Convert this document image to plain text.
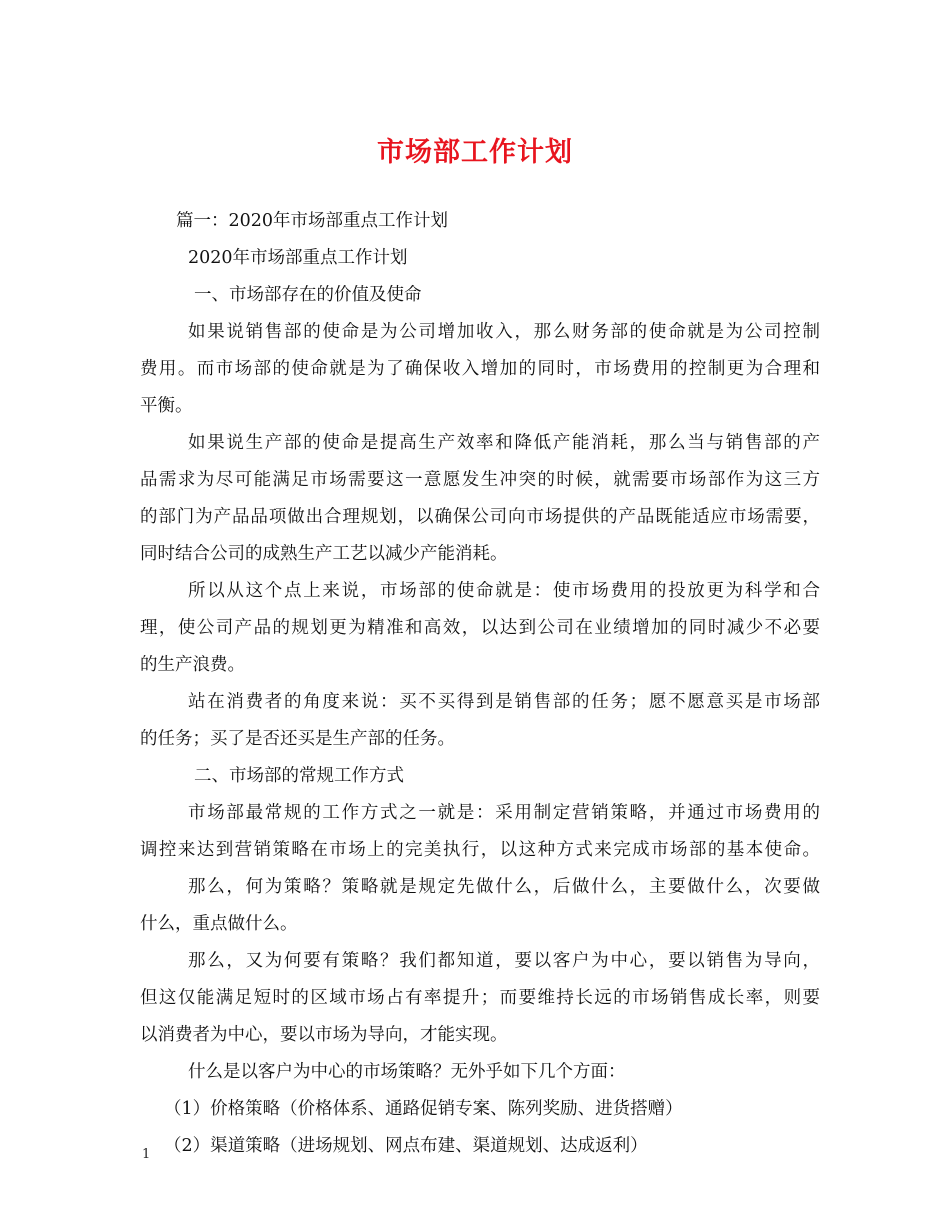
市场部工作计划
篇一：2020年市场部重点工作计划
2020年市场部重点工作计划
一、市场部存在的价值及使命
如果说销售部的使命是为公司增加收入，那么财务部的使命就是为公司控制
费用。而市场部的使命就是为了确保收入增加的同时，市场费用的控制更为合理和
平衡。
如果说生产部的使命是提高生产效率和降低产能消耗，那么当与销售部的产
品需求为尽可能满足市场需要这一意愿发生冲突的时候，就需要市场部作为这三方
的部门为产品品项做出合理规划，以确保公司向市场提供的产品既能适应市场需要，
同时结合公司的成熟生产工艺以减少产能消耗。
所以从这个点上来说，市场部的使命就是：使市场费用的投放更为科学和合
理，使公司产品的规划更为精准和高效，以达到公司在业绩增加的同时减少不必要
的生产浪费。
站在消费者的角度来说：买不买得到是销售部的任务；愿不愿意买是市场部
的任务；买了是否还买是生产部的任务。
二、市场部的常规工作方式
市场部最常规的工作方式之一就是：采用制定营销策略，并通过市场费用的
调控来达到营销策略在市场上的完美执行，以这种方式来完成市场部的基本使命。
那么，何为策略？策略就是规定先做什么，后做什么，主要做什么，次要做
什么，重点做什么。
那么，又为何要有策略？我们都知道，要以客户为中心，要以销售为导向，
但这仅能满足短时的区域市场占有率提升；而要维持长远的市场销售成长率，则要
以消费者为中心，要以市场为导向，才能实现。
什么是以客户为中心的市场策略？无外乎如下几个方面：
（1）价格策略（价格体系、通路促销专案、陈列奖励、进货搭赠）
（2）渠道策略（进场规划、网点布建、渠道规划、达成返利）
1
